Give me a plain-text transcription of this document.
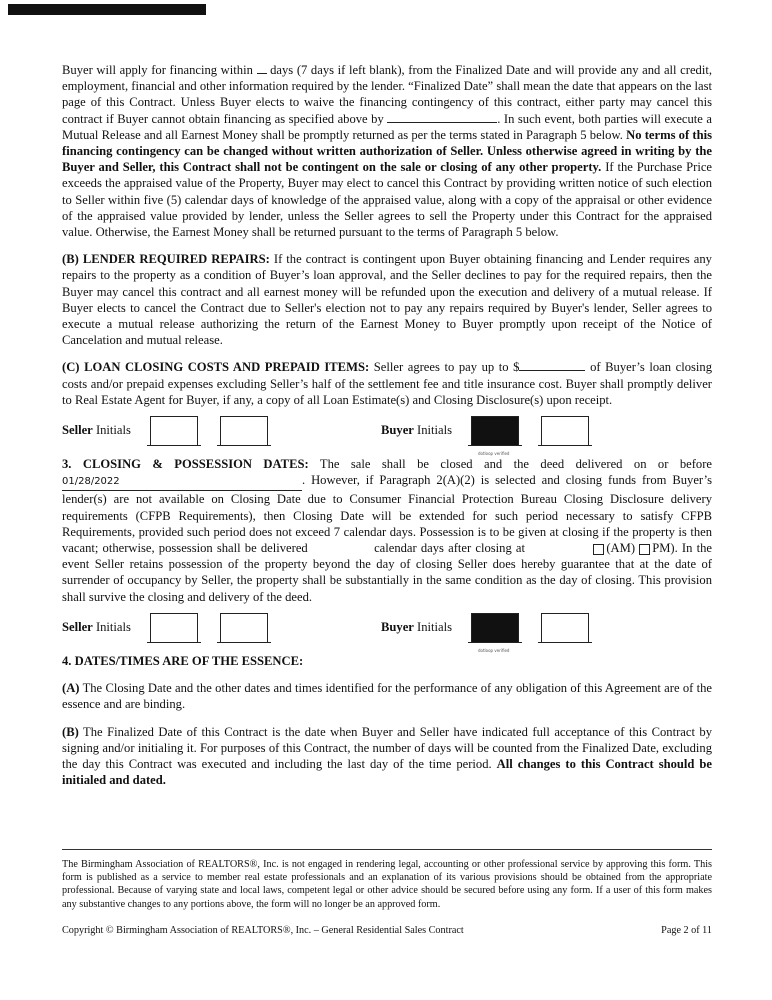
Buyer will apply for financing within days (7 days if left blank), from the Finalized Date and will provide any and all credit, employment, financial and other information required by the lender. “Finalized Date” shall mean the date that appears on the last page of this Contract. Unless Buyer elects to waive the financing contingency of this contract, either party may cancel this contract if Buyer cannot obtain financing as specified above by	. In such event, both parties will execute a Mutual Release and all Earnest Money shall be promptly returned as per the terms stated in Paragraph 5 below. No terms of this financing contingency can be changed without written authorization of Seller. Unless otherwise agreed in writing by the Buyer and Seller, this Contract shall not be contingent on the sale or closing of any other property. If the Purchase Price exceeds the appraised value of the Property, Buyer may elect to cancel this Contract by providing written notice of such election to Seller within five (5) calendar days of knowledge of the appraised value, along with a copy of the appraisal or other evidence of the appraised value provided by lender, unless the Seller agrees to sell the Property under this Contract for the appraised value. Otherwise, the Earnest Money shall be returned pursuant to the terms of Paragraph 5 below.

(B) LENDER REQUIRED REPAIRS: If the contract is contingent upon Buyer obtaining financing and Lender requires any repairs to the property as a condition of Buyer’s loan approval, and the Seller declines to pay for the required repairs, then the Buyer may cancel this contract and all earnest money will be refunded upon the execution and delivery of a mutual release. If Buyer elects to cancel the Contract due to Seller's election not to pay any repairs required by Buyer's lender, Seller agrees to execute a mutual release authorizing the return of the Earnest Money to Buyer promptly upon receipt of the Notice of Cancelation and mutual release.

(C) LOAN CLOSING COSTS AND PREPAID ITEMS: Seller agrees to pay up to $	of Buyer’s loan closing costs and/or prepaid expenses excluding Seller’s half of the settlement fee and title insurance cost. Buyer shall promptly deliver to Real Estate Agent for Buyer, if any, a copy of all Loan Estimate(s) and Closing Disclosure(s) upon receipt.

Seller Initials	Buyer Initials
dotloop verified

3. CLOSING & POSSESSION DATES: The sale shall be closed and the deed delivered on or before 01/28/2022	. However, if Paragraph 2(A)(2) is selected and closing funds from Buyer’s lender(s) are not available on Closing Date due to Consumer Financial Protection Bureau Closing Disclosure delivery requirements (CFPB Requirements), then Closing Date will be extended for such period necessary to satisfy CFPB Requirements, provided such period does not exceed 7 calendar days. Possession is to be given at closing if the property is then vacant; otherwise, possession shall be delivered	calendar days after closing at	(AM) PM). In the event Seller retains possession of the property beyond the day of closing Seller does hereby guarantee that at the date of surrender of occupancy by Seller, the property shall be substantially in the same condition as the day of closing. This provision shall survive the closing and delivery of the deed.

Seller Initials	Buyer Initials
dotloop verified

4. DATES/TIMES ARE OF THE ESSENCE:

(A) The Closing Date and the other dates and times identified for the performance of any obligation of this Agreement are of the essence and are binding.

(B) The Finalized Date of this Contract is the date when Buyer and Seller have indicated full acceptance of this Contract by signing and/or initialing it. For purposes of this Contract, the number of days will be counted from the Finalized Date, excluding the day this Contract was executed and including the last day of the time period. All changes to this Contract should be initialed and dated.

The Birmingham Association of REALTORS®, Inc. is not engaged in rendering legal, accounting or other professional service by approving this form. This form is published as a service to member real estate professionals and an explanation of its various provisions should be obtained from the appropriate professional. Because of varying state and local laws, competent legal or other advice should be secured before using any form. If a user of this form makes any substantive changes to any portions above, the form will no longer be an approved form.
Copyright © Birmingham Association of REALTORS®, Inc. – General Residential Sales Contract	Page 2 of 11
